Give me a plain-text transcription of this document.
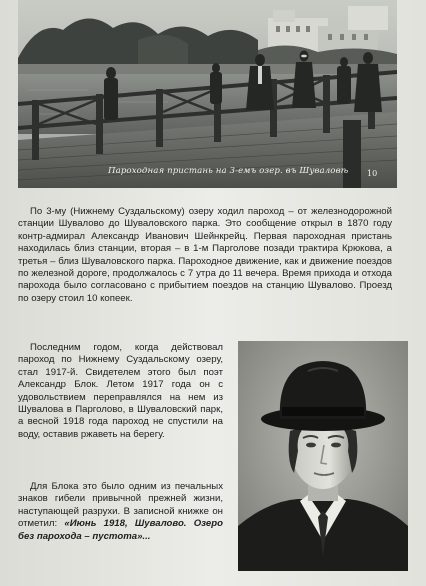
Пароходная пристань на 3-емъ озер. въ Шуваловѣ	10

По 3-му (Нижнему Суздальскому) озеру ходил пароход – от железнодорожной станции Шувалово до Шуваловского парка. Это сообщение открыл в 1870 году контр-адмирал Александр Иванович Шейнкрейц. Первая пароходная пристань находилась близ станции, вторая – в 1-м Парголове позади трактира Крюкова, а третья – близ Шуваловского парка. Пароходное движение, как и движение поездов по железной дороге, продолжалось с 7 утра до 11 вечера. Время прихода и отхода парохода было согласовано с прибытием поездов на станцию Шувалово. Проезд по озеру стоил 10 копеек.

Последним годом, когда действовал пароход по Нижнему Суздальскому озеру, стал 1917-й. Свидетелем этого был поэт Александр Блок. Летом 1917 года он с удовольствием переправлялся на нем из Шувалова в Парголово, в Шуваловский парк, а весной 1918 года пароход не спустили на воду, оставив ржаветь на берегу.

Для Блока это было одним из печальных знаков гибели привычной прежней жизни, наступающей разрухи. В записной книжке он отметил: «Июнь 1918, Шувалово. Озеро без парохода – пустота»...
